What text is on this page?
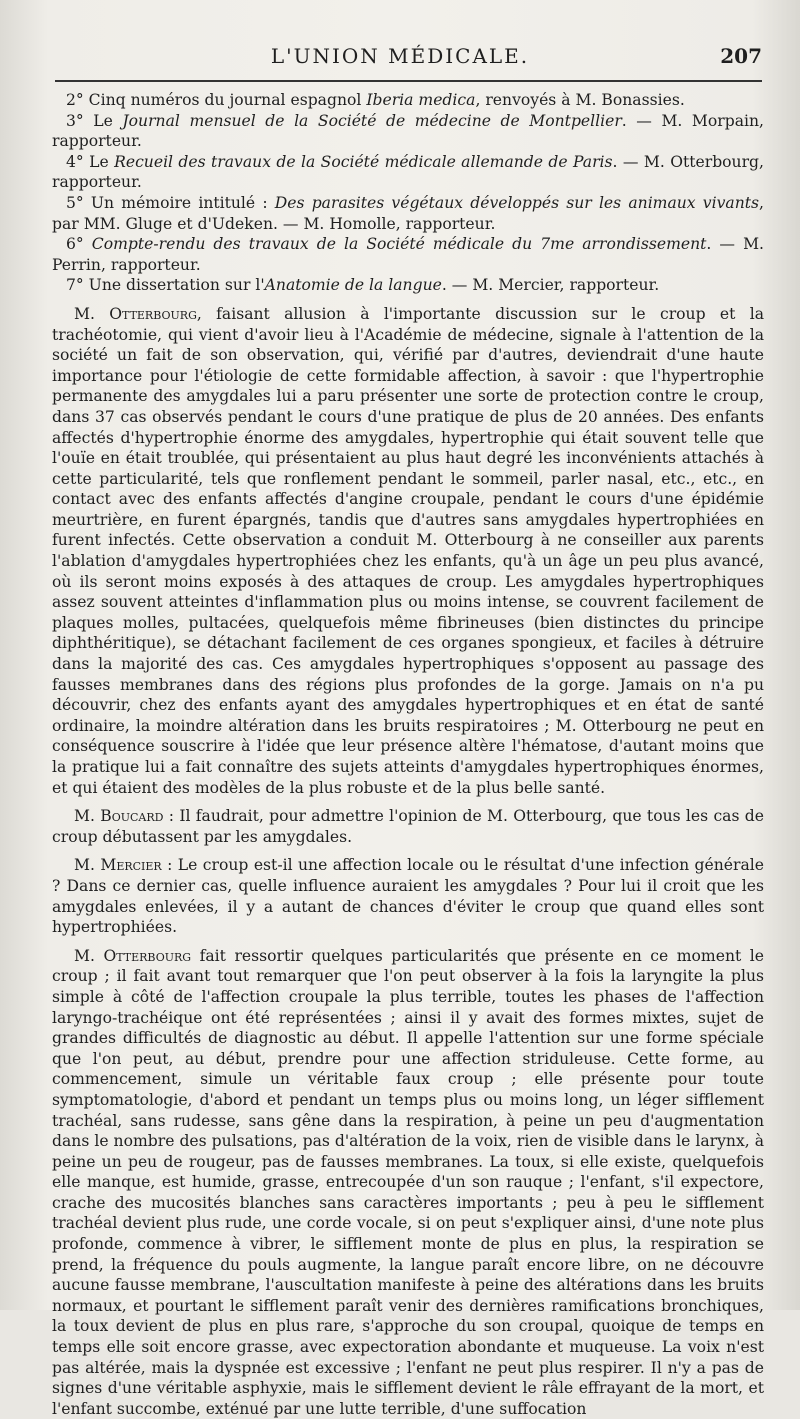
L'UNION MÉDICALE.	207

2° Cinq numéros du journal espagnol Iberia medica, renvoyés à M. Bonassies.

3° Le Journal mensuel de la Société de médecine de Montpellier. — M. Morpain, rapporteur.

4° Le Recueil des travaux de la Société médicale allemande de Paris. — M. Otterbourg, rapporteur.

5° Un mémoire intitulé : Des parasites végétaux développés sur les animaux vivants, par MM. Gluge et d'Udeken. — M. Homolle, rapporteur.

6° Compte-rendu des travaux de la Société médicale du 7me arrondissement. — M. Perrin, rapporteur.

7° Une dissertation sur l'Anatomie de la langue. — M. Mercier, rapporteur.

M. Otterbourg, faisant allusion à l'importante discussion sur le croup et la trachéotomie, qui vient d'avoir lieu à l'Académie de médecine, signale à l'attention de la société un fait de son observation, qui, vérifié par d'autres, deviendrait d'une haute importance pour l'étiologie de cette formidable affection, à savoir : que l'hypertrophie permanente des amygdales lui a paru présenter une sorte de protection contre le croup, dans 37 cas observés pendant le cours d'une pratique de plus de 20 années. Des enfants affectés d'hypertrophie énorme des amygdales, hypertrophie qui était souvent telle que l'ouïe en était troublée, qui présentaient au plus haut degré les inconvénients attachés à cette particularité, tels que ronflement pendant le sommeil, parler nasal, etc., etc., en contact avec des enfants affectés d'angine croupale, pendant le cours d'une épidémie meurtrière, en furent épargnés, tandis que d'autres sans amygdales hypertrophiées en furent infectés. Cette observation a conduit M. Otterbourg à ne conseiller aux parents l'ablation d'amygdales hypertrophiées chez les enfants, qu'à un âge un peu plus avancé, où ils seront moins exposés à des attaques de croup. Les amygdales hypertrophiques assez souvent atteintes d'inflammation plus ou moins intense, se couvrent facilement de plaques molles, pultacées, quelquefois même fibrineuses (bien distinctes du principe diphthéritique), se détachant facilement de ces organes spongieux, et faciles à détruire dans la majorité des cas. Ces amygdales hypertrophiques s'opposent au passage des fausses membranes dans des régions plus profondes de la gorge. Jamais on n'a pu découvrir, chez des enfants ayant des amygdales hypertrophiques et en état de santé ordinaire, la moindre altération dans les bruits respiratoires ; M. Otterbourg ne peut en conséquence souscrire à l'idée que leur présence altère l'hématose, d'autant moins que la pratique lui a fait connaître des sujets atteints d'amygdales hypertrophiques énormes, et qui étaient des modèles de la plus robuste et de la plus belle santé.

M. Boucard : Il faudrait, pour admettre l'opinion de M. Otterbourg, que tous les cas de croup débutassent par les amygdales.

M. Mercier : Le croup est-il une affection locale ou le résultat d'une infection générale ? Dans ce dernier cas, quelle influence auraient les amygdales ? Pour lui il croit que les amygdales enlevées, il y a autant de chances d'éviter le croup que quand elles sont hypertrophiées.

M. Otterbourg fait ressortir quelques particularités que présente en ce moment le croup ; il fait avant tout remarquer que l'on peut observer à la fois la laryngite la plus simple à côté de l'affection croupale la plus terrible, toutes les phases de l'affection laryngo-trachéique ont été représentées ; ainsi il y avait des formes mixtes, sujet de grandes difficultés de diagnostic au début. Il appelle l'attention sur une forme spéciale que l'on peut, au début, prendre pour une affection striduleuse. Cette forme, au commencement, simule un véritable faux croup ; elle présente pour toute symptomatologie, d'abord et pendant un temps plus ou moins long, un léger sifflement trachéal, sans rudesse, sans gêne dans la respiration, à peine un peu d'augmentation dans le nombre des pulsations, pas d'altération de la voix, rien de visible dans le larynx, à peine un peu de rougeur, pas de fausses membranes. La toux, si elle existe, quelquefois elle manque, est humide, grasse, entrecoupée d'un son rauque ; l'enfant, s'il expectore, crache des mucosités blanches sans caractères importants ; peu à peu le sifflement trachéal devient plus rude, une corde vocale, si on peut s'expliquer ainsi, d'une note plus profonde, commence à vibrer, le sifflement monte de plus en plus, la respiration se prend, la fréquence du pouls augmente, la langue paraît encore libre, on ne découvre aucune fausse membrane, l'auscultation manifeste à peine des altérations dans les bruits normaux, et pourtant le sifflement paraît venir des dernières ramifications bronchiques, la toux devient de plus en plus rare, s'approche du son croupal, quoique de temps en temps elle soit encore grasse, avec expectoration abondante et muqueuse. La voix n'est pas altérée, mais la dyspnée est excessive ; l'enfant ne peut plus respirer. Il n'y a pas de signes d'une véritable asphyxie, mais le sifflement devient le râle effrayant de la mort, et l'enfant succombe, exténué par une lutte terrible, d'une suffocation
